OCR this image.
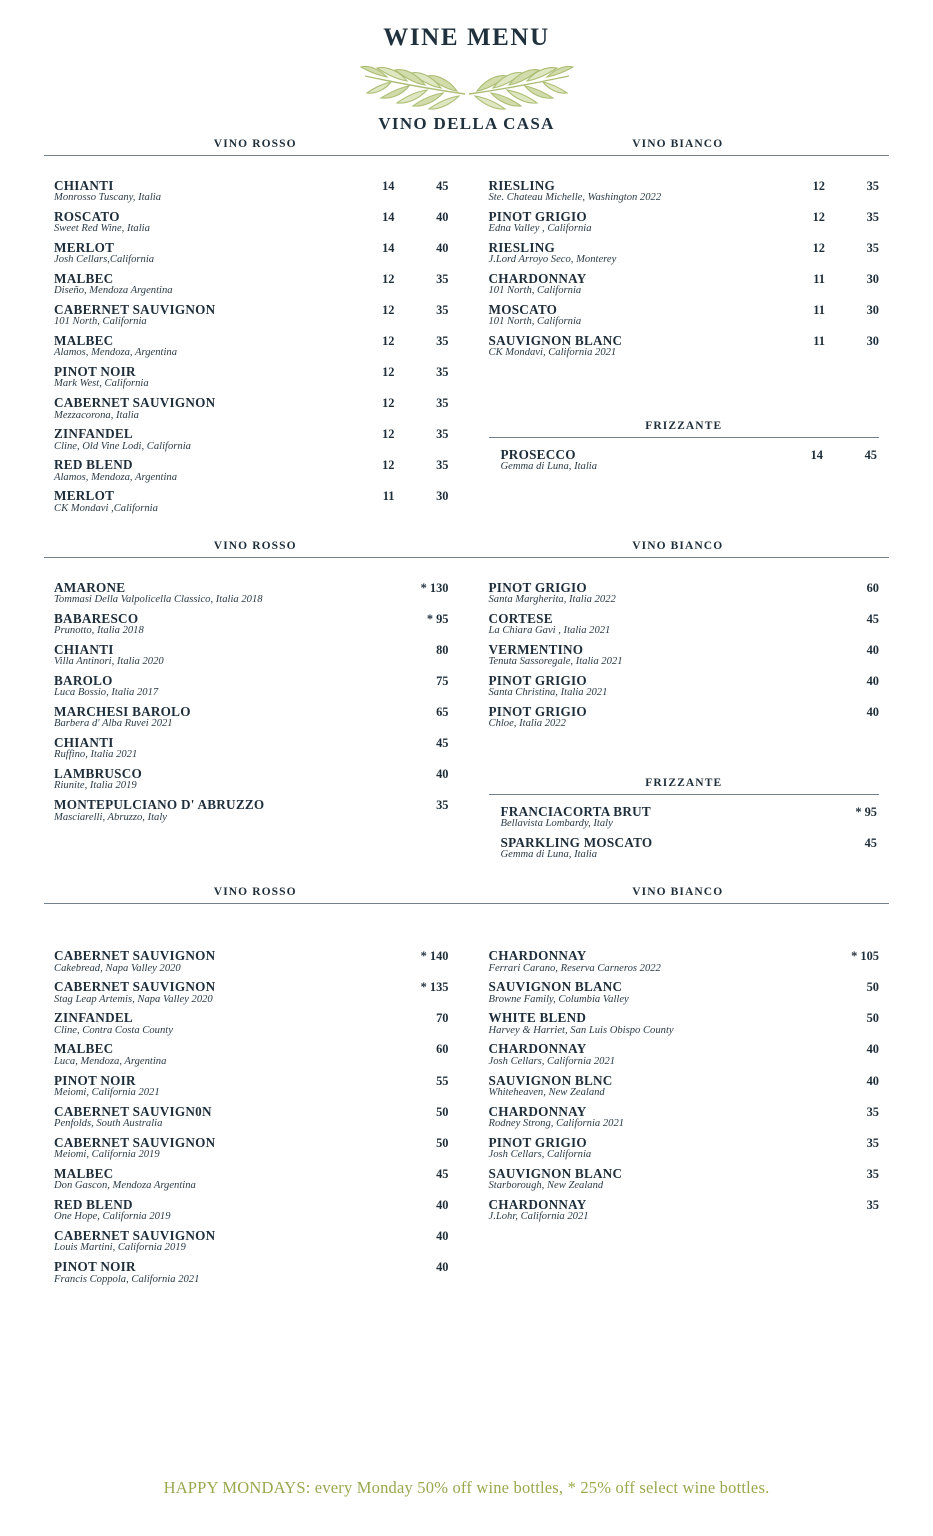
WINE MENU
VINO DELLA CASA
VINO ROSSO	VINO BIANCO
CHIANTI	14	45
Monrosso Tuscany, Italia
ROSCATO	14	40
Sweet Red Wine, Italia
MERLOT	14	40
Josh Cellars,California
MALBEC	12	35
Diseño, Mendoza Argentina
CABERNET SAUVIGNON	12	35
101 North, California
MALBEC	12	35
Alamos, Mendoza, Argentina
PINOT NOIR	12	35
Mark West, California
CABERNET SAUVIGNON	12	35
Mezzacorona, Italia
ZINFANDEL	12	35
Cline, Old Vine Lodi, California
RED BLEND	12	35
Alamos, Mendoza, Argentina
MERLOT	11	30
CK Mondavi ,California
RIESLING	12	35
Ste. Chateau Michelle, Washington 2022
PINOT GRIGIO	12	35
Edna Valley , California
RIESLING	12	35
J.Lord Arroyo Seco, Monterey
CHARDONNAY	11	30
101 North, California
MOSCATO	11	30
101 North, California
SAUVIGNON BLANC	11	30
CK Mondavi, California 2021
FRIZZANTE
PROSECCO	14	45
Gemma di Luna, Italia
VINO ROSSO	VINO BIANCO
AMARONE	* 130
Tommasi Della Valpolicella Classico, Italia 2018
BABARESCO	* 95
Prunotto, Italia 2018
CHIANTI	80
Villa Antinori, Italia 2020
BAROLO	75
Luca Bossio, Italia 2017
MARCHESI BAROLO	65
Barbera d' Alba Ruvei 2021
CHIANTI	45
Ruffino, Italia 2021
LAMBRUSCO	40
Riunite, Italia 2019
MONTEPULCIANO D' ABRUZZO	35
Masciarelli, Abruzzo, Italy
PINOT GRIGIO	60
Santa Margherita, Italia 2022
CORTESE	45
La Chiara Gavi , Italia 2021
VERMENTINO	40
Tenuta Sassoregale, Italia 2021
PINOT GRIGIO	40
Santa Christina, Italia 2021
PINOT GRIGIO	40
Chloe, Italia 2022
FRIZZANTE
FRANCIACORTA BRUT	* 95
Bellavista Lombardy, Italy
SPARKLING MOSCATO	45
Gemma di Luna, Italia
VINO ROSSO	VINO BIANCO
CABERNET SAUVIGNON	* 140
Cakebread, Napa Valley 2020
CABERNET SAUVIGNON	* 135
Stag Leap Artemis, Napa Valley 2020
ZINFANDEL	70
Cline, Contra Costa County
MALBEC	60
Luca, Mendoza, Argentina
PINOT NOIR	55
Meiomi, California 2021
CABERNET SAUVIGN0N	50
Penfolds, South Australia
CABERNET SAUVIGNON	50
Meiomi, California 2019
MALBEC	45
Don Gascon, Mendoza Argentina
RED BLEND	40
One Hope, California 2019
CABERNET SAUVIGNON	40
Louis Martini, California 2019
PINOT NOIR	40
Francis Coppola, California 2021
CHARDONNAY	* 105
Ferrari Carano, Reserva Carneros 2022
SAUVIGNON BLANC	50
Browne Family, Columbia Valley
WHITE BLEND	50
Harvey & Harriet, San Luis Obispo County
CHARDONNAY	40
Josh Cellars, California 2021
SAUVIGNON BLNC	40
Whiteheaven, New Zealand
CHARDONNAY	35
Rodney Strong, California 2021
PINOT GRIGIO	35
Josh Cellars, California
SAUVIGNON BLANC	35
Starborough, New Zealand
CHARDONNAY	35
J.Lohr, California 2021
HAPPY MONDAYS: every Monday 50% off wine bottles, * 25% off select wine bottles.
